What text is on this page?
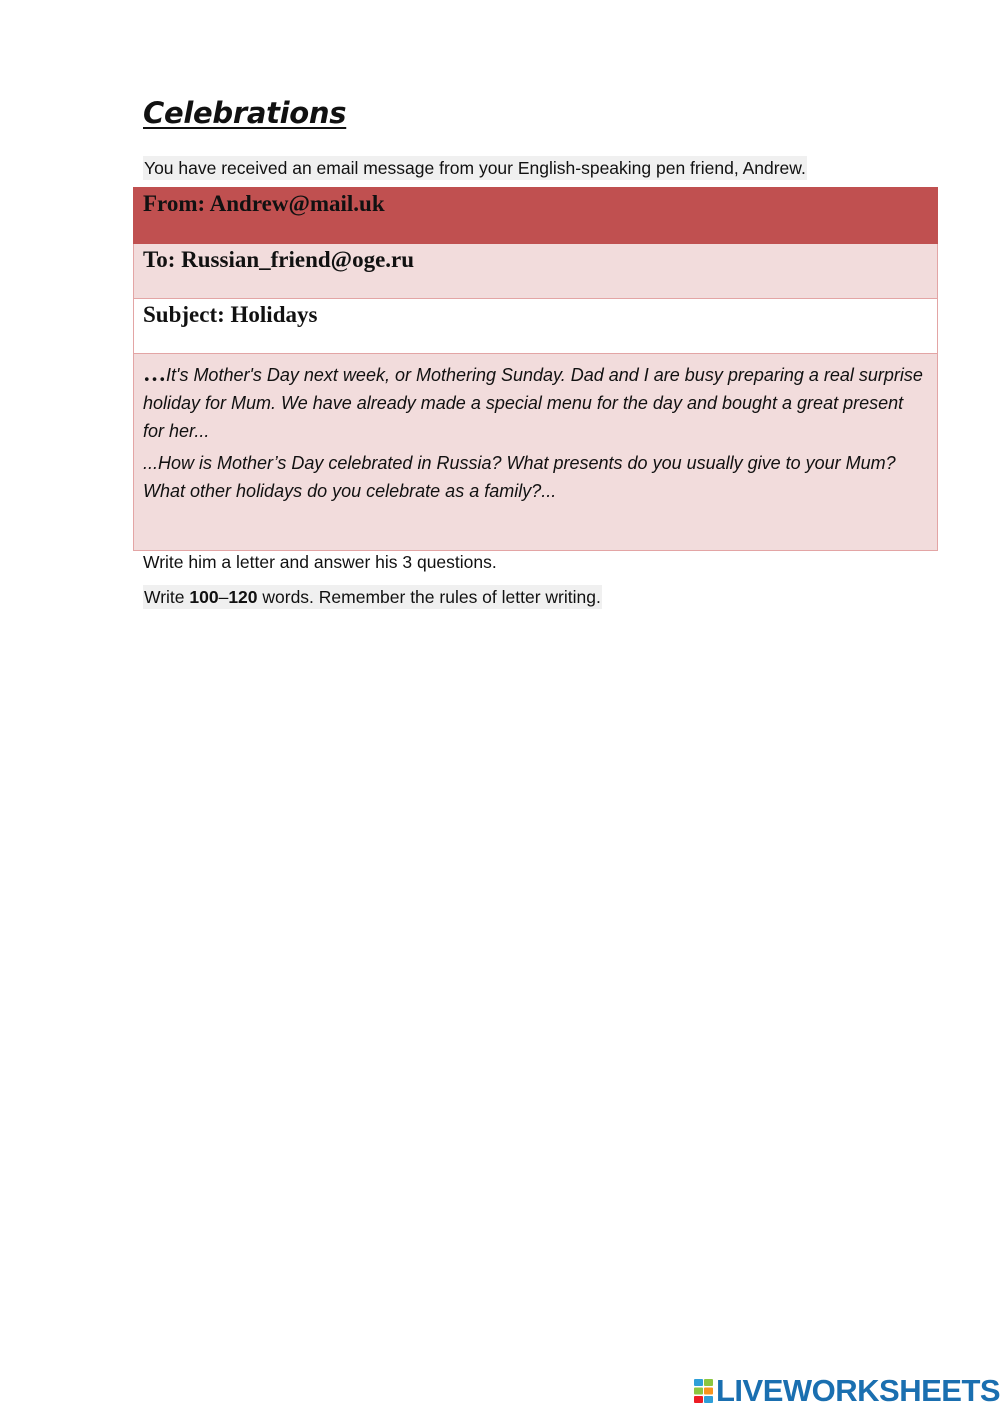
Celebrations
You have received an email message from your English-speaking pen friend, Andrew.
From: Andrew@mail.uk

To: Russian_friend@oge.ru

Subject: Holidays

…It's Mother's Day next week, or Mothering Sunday. Dad and I are busy preparing a real surprise holiday for Mum. We have already made a special menu for the day and bought a great present for her...

...How is Mother’s Day celebrated in Russia? What presents do you usually give to your Mum? What other holidays do you celebrate as a family?...

Write him a letter and answer his 3 questions.
Write 100–120 words. Remember the rules of letter writing.
LIVEWORKSHEETS
